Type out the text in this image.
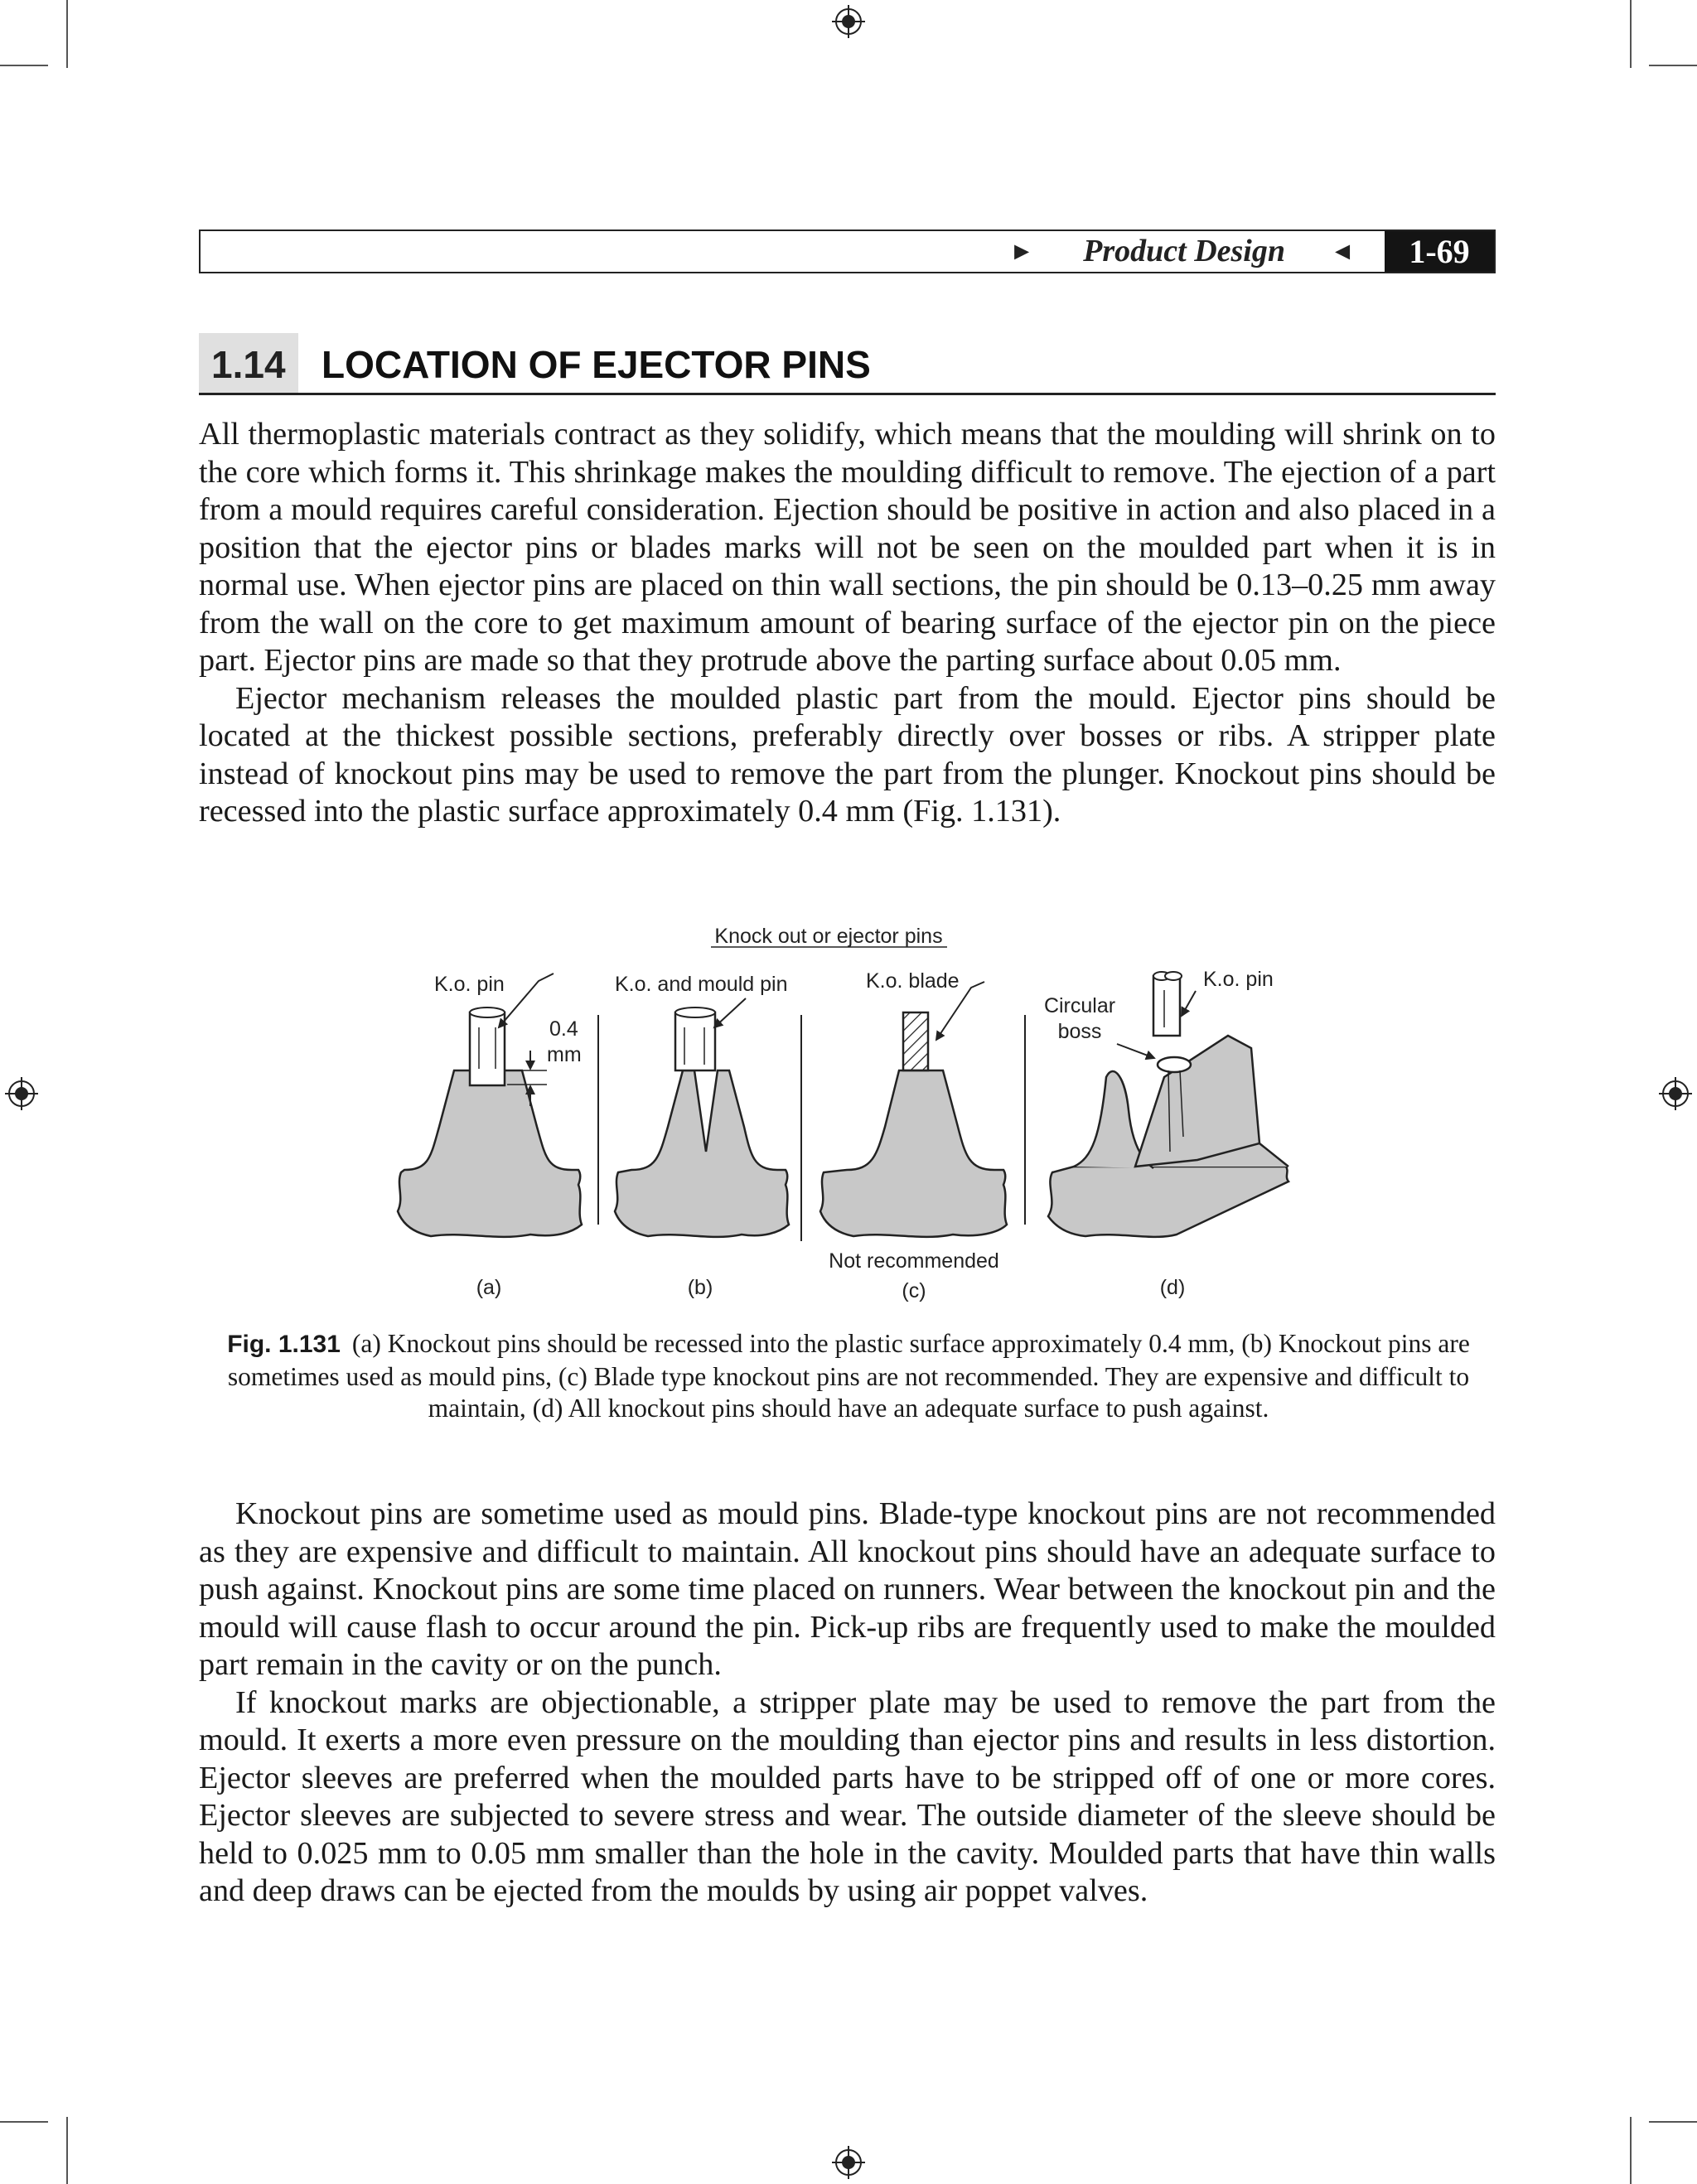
► Product Design ◄	1-69
1.14 LOCATION OF EJECTOR PINS

All thermoplastic materials contract as they solidify, which means that the moulding will shrink on to the core which forms it. This shrinkage makes the moulding difficult to remove. The ejection of a part from a mould requires careful consideration. Ejection should be positive in action and also placed in a position that the ejector pins or blades marks will not be seen on the moulded part when it is in normal use. When ejector pins are placed on thin wall sections, the pin should be 0.13–0.25 mm away from the wall on the core to get maximum amount of bearing surface of the ejector pin on the piece part. Ejector pins are made so that they protrude above the parting surface about 0.05 mm.

Ejector mechanism releases the moulded plastic part from the mould. Ejector pins should be located at the thickest possible sections, preferably directly over bosses or ribs. A stripper plate instead of knockout pins may be used to remove the part from the plunger. Knockout pins should be recessed into the plastic surface approximately 0.4 mm (Fig. 1.131).

Knock out or ejector pins
K.o. pin
0.4
mm
(a)
K.o. and mould pin
(b)
K.o. blade
Not recommended
(c)
Circular
boss
K.o. pin
(d)
Fig. 1.131 (a) Knockout pins should be recessed into the plastic surface approximately 0.4 mm, (b) Knockout pins are sometimes used as mould pins, (c) Blade type knockout pins are not recommended. They are expensive and difficult to maintain, (d) All knockout pins should have an adequate surface to push against.

Knockout pins are sometime used as mould pins. Blade-type knockout pins are not recommended as they are expensive and difficult to maintain. All knockout pins should have an adequate surface to push against. Knockout pins are some time placed on runners. Wear between the knockout pin and the mould will cause flash to occur around the pin. Pick-up ribs are frequently used to make the moulded part remain in the cavity or on the punch.

If knockout marks are objectionable, a stripper plate may be used to remove the part from the mould. It exerts a more even pressure on the moulding than ejector pins and results in less distortion. Ejector sleeves are preferred when the moulded parts have to be stripped off of one or more cores. Ejector sleeves are subjected to severe stress and wear. The outside diameter of the sleeve should be held to 0.025 mm to 0.05 mm smaller than the hole in the cavity. Moulded parts that have thin walls and deep draws can be ejected from the moulds by using air poppet valves.
